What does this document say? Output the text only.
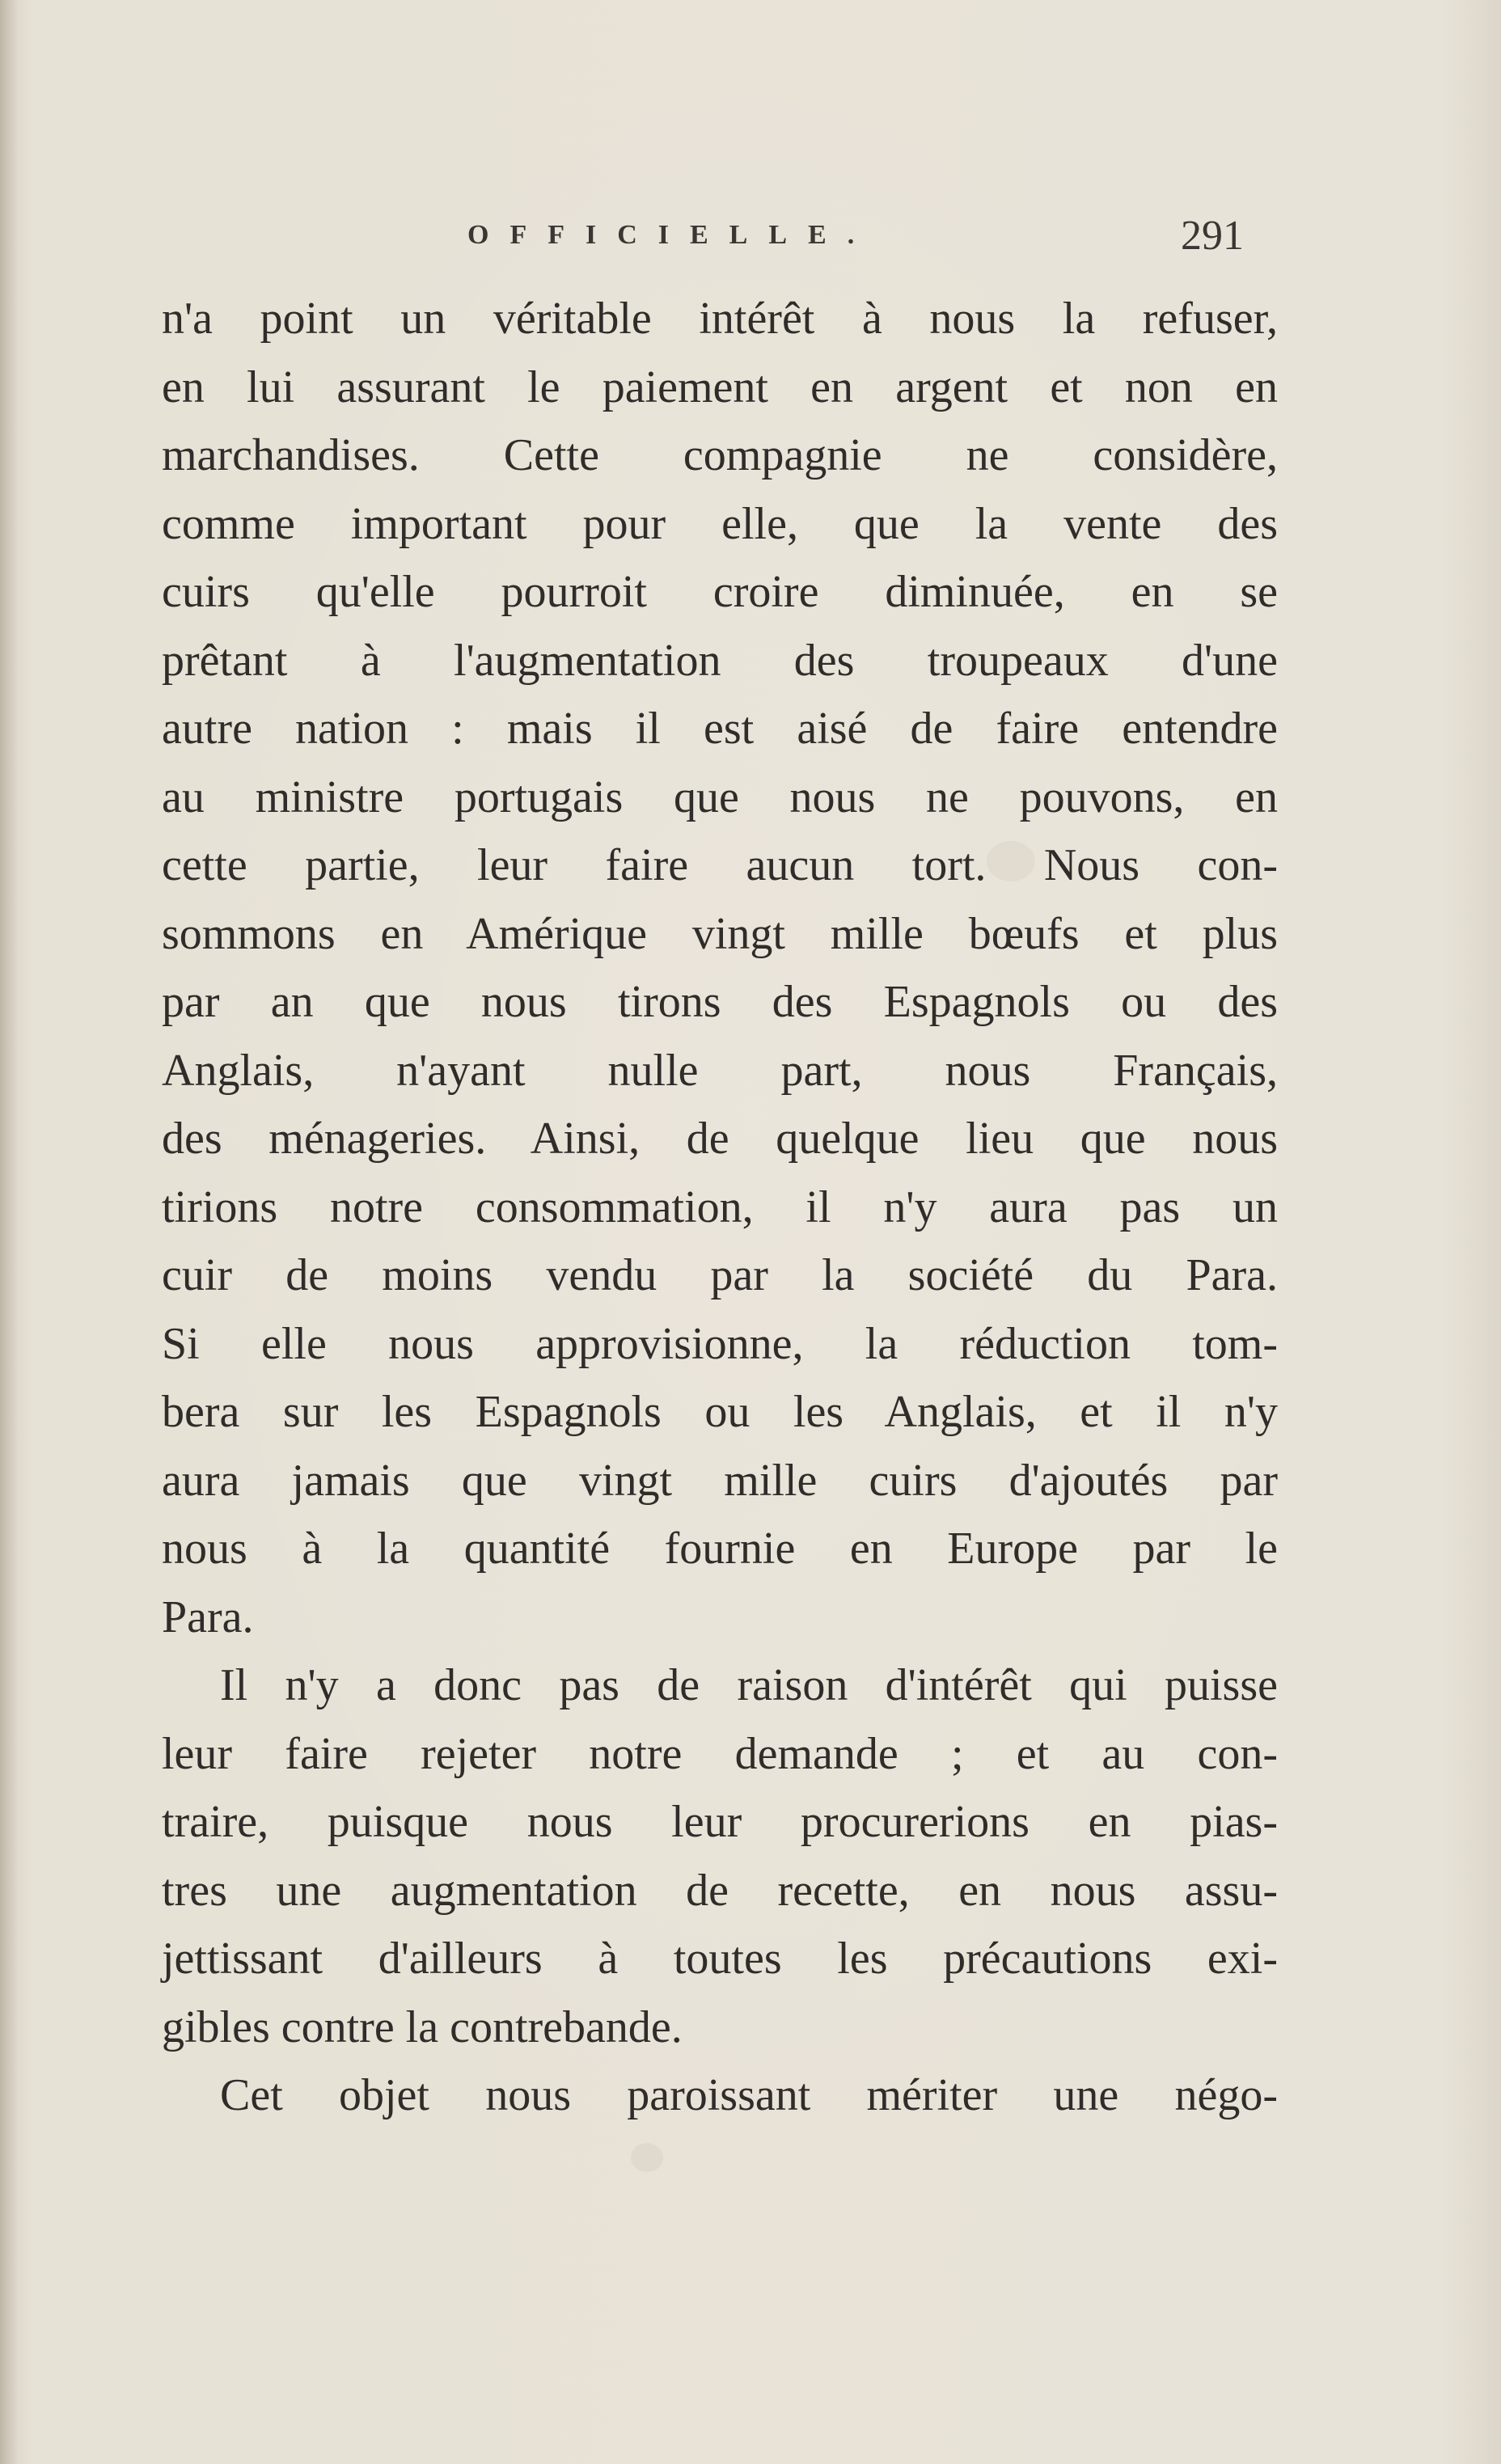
OFFICIELLE.	291
n'a point un véritable intérêt à nous la refuser,
en lui assurant le paiement en argent et non en
marchandises. Cette compagnie ne considère,
comme important pour elle, que la vente des
cuirs qu'elle pourroit croire diminuée, en se
prêtant à l'augmentation des troupeaux d'une
autre nation : mais il est aisé de faire entendre
au ministre portugais que nous ne pouvons, en
cette partie, leur faire aucun tort. Nous con-
sommons en Amérique vingt mille bœufs et plus
par an que nous tirons des Espagnols ou des
Anglais, n'ayant nulle part, nous Français,
des ménageries. Ainsi, de quelque lieu que nous
tirions notre consommation, il n'y aura pas un
cuir de moins vendu par la société du Para.
Si elle nous approvisionne, la réduction tom-
bera sur les Espagnols ou les Anglais, et il n'y
aura jamais que vingt mille cuirs d'ajoutés par
nous à la quantité fournie en Europe par le
Para.
Il n'y a donc pas de raison d'intérêt qui puisse
leur faire rejeter notre demande ; et au con-
traire, puisque nous leur procurerions en pias-
tres une augmentation de recette, en nous assu-
jettissant d'ailleurs à toutes les précautions exi-
gibles contre la contrebande.
Cet objet nous paroissant mériter une négo-
